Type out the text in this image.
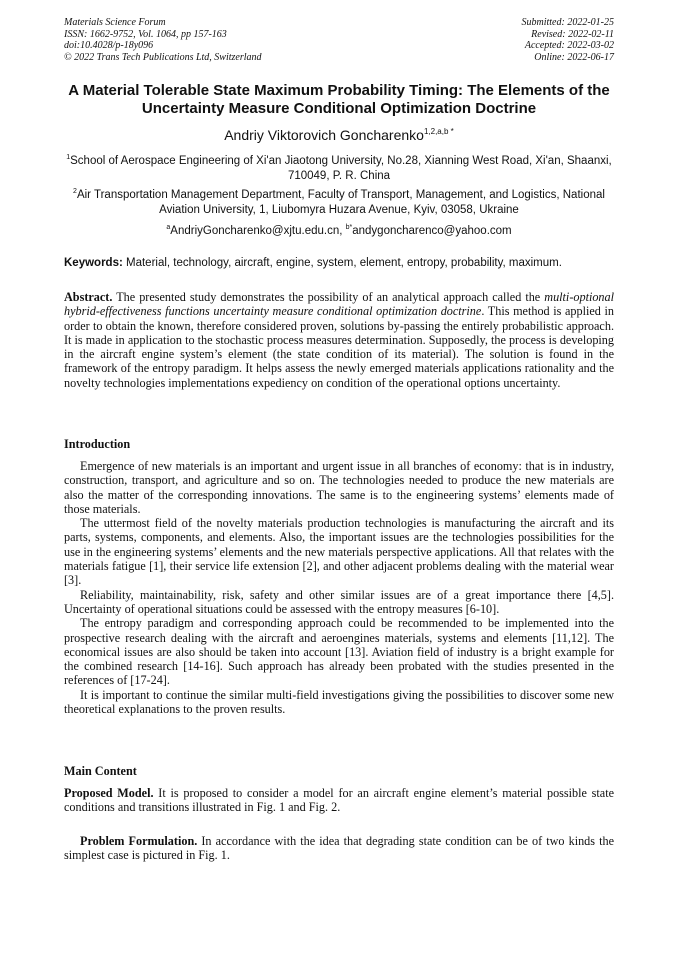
Materials Science Forum
ISSN: 1662-9752, Vol. 1064, pp 157-163
doi:10.4028/p-18y096
© 2022 Trans Tech Publications Ltd, Switzerland
Submitted: 2022-01-25
Revised: 2022-02-11
Accepted: 2022-03-02
Online: 2022-06-17
A Material Tolerable State Maximum Probability Timing: The Elements of the Uncertainty Measure Conditional Optimization Doctrine
Andriy Viktorovich Goncharenko$^{1,2,a,b *}$
$^1$School of Aerospace Engineering of Xi'an Jiaotong University, No.28, Xianning West Road, Xi'an, Shaanxi, 710049, P. R. China
$^2$Air Transportation Management Department, Faculty of Transport, Management, and Logistics, National Aviation University, 1, Liubomyra Huzara Avenue, Kyiv, 03058, Ukraine
$^a$AndriyGoncharenko@xjtu.edu.cn, $^{b*}$andygoncharenco@yahoo.com
Keywords: Material, technology, aircraft, engine, system, element, entropy, probability, maximum.
Abstract. The presented study demonstrates the possibility of an analytical approach called the multi-optional hybrid-effectiveness functions uncertainty measure conditional optimization doctrine. This method is applied in order to obtain the known, therefore considered proven, solutions by-passing the entirely probabilistic approach. It is made in application to the stochastic process measures determination. Supposedly, the process is developing in the aircraft engine system’s element (the state condition of its material). The solution is found in the framework of the entropy paradigm. It helps assess the newly emerged materials applications rationality and the novelty technologies implementations expediency on condition of the operational options uncertainty.
Introduction

Emergence of new materials is an important and urgent issue in all branches of economy: that is in industry, construction, transport, and agriculture and so on. The technologies needed to produce the new materials are also the matter of the corresponding innovations. The same is to the engineering systems’ elements made of those materials.

The uttermost field of the novelty materials production technologies is manufacturing the aircraft and its parts, systems, components, and elements. Also, the important issues are the technologies possibilities for the use in the engineering systems’ elements and the new materials perspective applications. All that relates with the materials fatigue [1], their service life extension [2], and other adjacent problems dealing with the material wear [3].

Reliability, maintainability, risk, safety and other similar issues are of a great importance there [4,5]. Uncertainty of operational situations could be assessed with the entropy measures [6-10].

The entropy paradigm and corresponding approach could be recommended to be implemented into the prospective research dealing with the aircraft and aeroengines materials, systems and elements [11,12]. The economical issues are also should be taken into account [13]. Aviation field of industry is a bright example for the combined research [14-16]. Such approach has already been probated with the studies presented in the references of [17-24].

It is important to continue the similar multi-field investigations giving the possibilities to discover some new theoretical explanations to the proven results.

Main Content
Proposed Model. It is proposed to consider a model for an aircraft engine element’s material possible state conditions and transitions illustrated in Fig. 1 and Fig. 2.
Problem Formulation. In accordance with the idea that degrading state condition can be of two kinds the simplest case is pictured in Fig. 1.
